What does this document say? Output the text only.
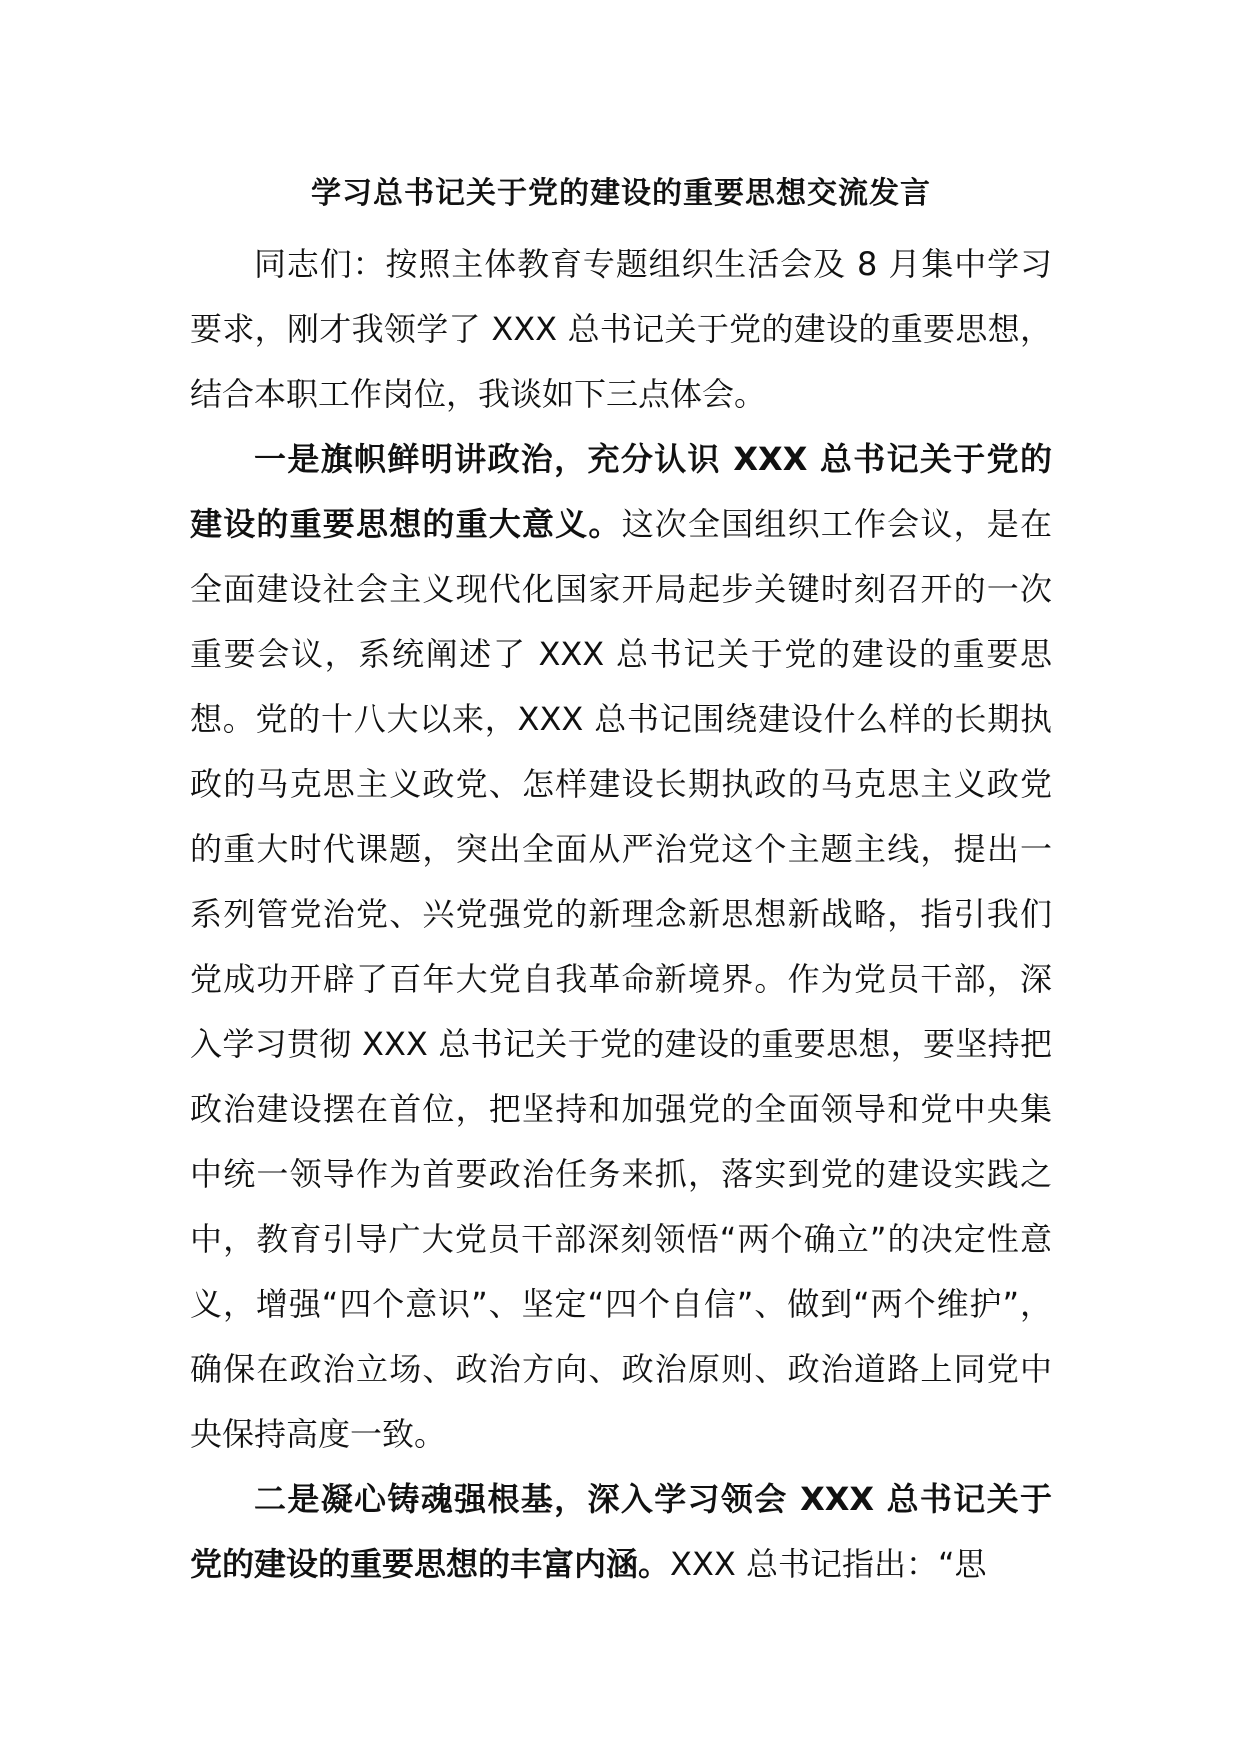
学习总书记关于党的建设的重要思想交流发言

同志们：按照主体教育专题组织生活会及 8 月集中学习要求，刚才我领学了 XXX 总书记关于党的建设的重要思想，结合本职工作岗位，我谈如下三点体会。

一是旗帜鲜明讲政治，充分认识 XXX 总书记关于党的建设的重要思想的重大意义。这次全国组织工作会议，是在全面建设社会主义现代化国家开局起步关键时刻召开的一次重要会议，系统阐述了 XXX 总书记关于党的建设的重要思想。党的十八大以来，XXX 总书记围绕建设什么样的长期执政的马克思主义政党、怎样建设长期执政的马克思主义政党的重大时代课题，突出全面从严治党这个主题主线，提出一系列管党治党、兴党强党的新理念新思想新战略，指引我们党成功开辟了百年大党自我革命新境界。作为党员干部，深入学习贯彻 XXX 总书记关于党的建设的重要思想，要坚持把政治建设摆在首位，把坚持和加强党的全面领导和党中央集中统一领导作为首要政治任务来抓，落实到党的建设实践之中，教育引导广大党员干部深刻领悟“两个确立”的决定性意义，增强“四个意识”、坚定“四个自信”、做到“两个维护”，确保在政治立场、政治方向、政治原则、政治道路上同党中央保持高度一致。

二是凝心铸魂强根基，深入学习领会 XXX 总书记关于党的建设的重要思想的丰富内涵。XXX 总书记指出：“思
